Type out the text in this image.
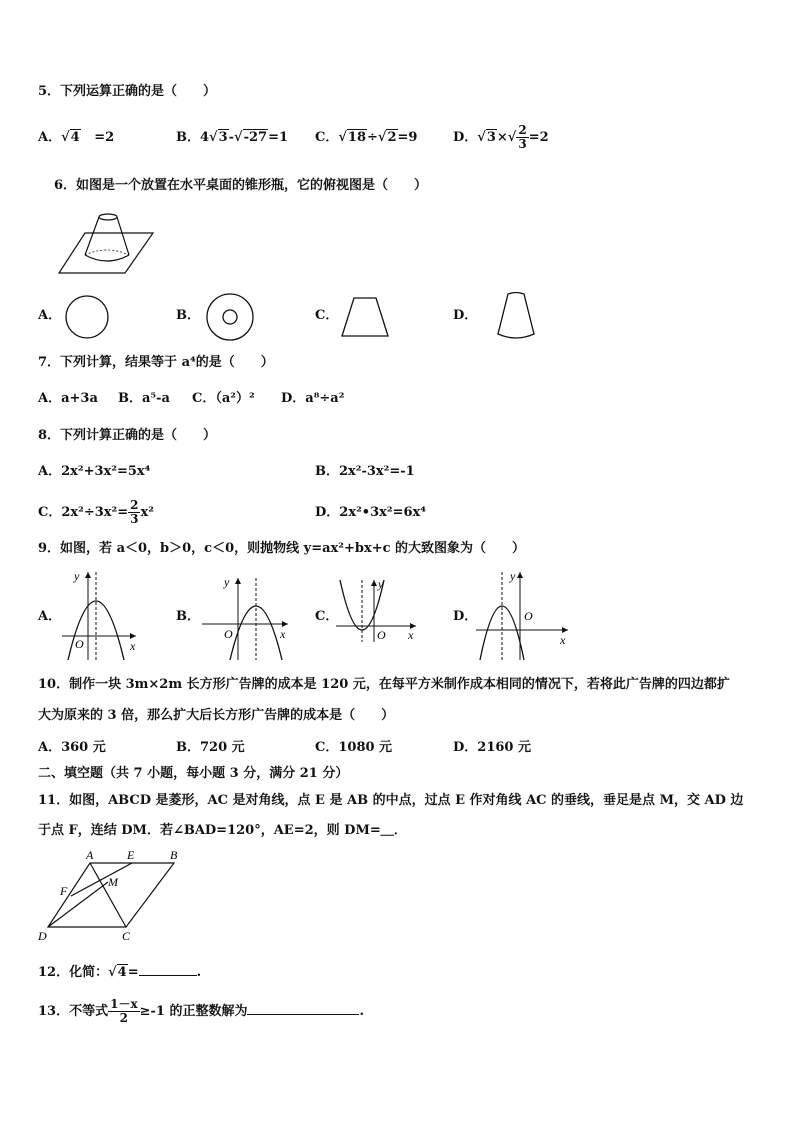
5．下列运算正确的是（　　）
A．√4 =2	B．4√3-√-27=1 C．√18÷√2=9	D．$√3\times√ \frac{2}{3} =2$
6．如图是一个放置在水平桌面的锥形瓶，它的俯视图是（　　）
A．	B．	C．	D．
7．下列计算，结果等于 a⁴的是（　　）
A．a+3a B．a⁵-a C．（a²）² D．a⁸÷a²
8．下列计算正确的是（　　）
A．2x²+3x²=5x⁴	B．2x²-3x²=-1
C．$2x^2\div 3x^2= \frac{2}{3} x^2$	D．2x²•3x²=6x⁴
9．如图，若 a＜0，b＞0，c＜0，则抛物线 y=ax²+bx+c 的大致图象为（　　）
A．
x
y
O
B．
x
y
O
C．
x
y
O
D．
x
y
O
10．制作一块 3m×2m 长方形广告牌的成本是 120 元，在每平方米制作成本相同的情况下，若将此广告牌的四边都扩
大为原来的 3 倍，那么扩大后长方形广告牌的成本是（　　）
A．360 元	B．720 元	C．1080 元	D．2160 元
二、填空题（共 7 小题，每小题 3 分，满分 21 分）
11．如图，ABCD 是菱形，AC 是对角线，点 E 是 AB 的中点，过点 E 作对角线 AC 的垂线，垂足是点 M，交 AD 边
于点 F，连结 DM．若∠BAD=120°，AE=2，则 DM=＿．
A	E	B
F
M
D	C
12．化简：√4=	.
13．不等式 $\frac{1-x}{2} \ge-1$ 的正整数解为	.
